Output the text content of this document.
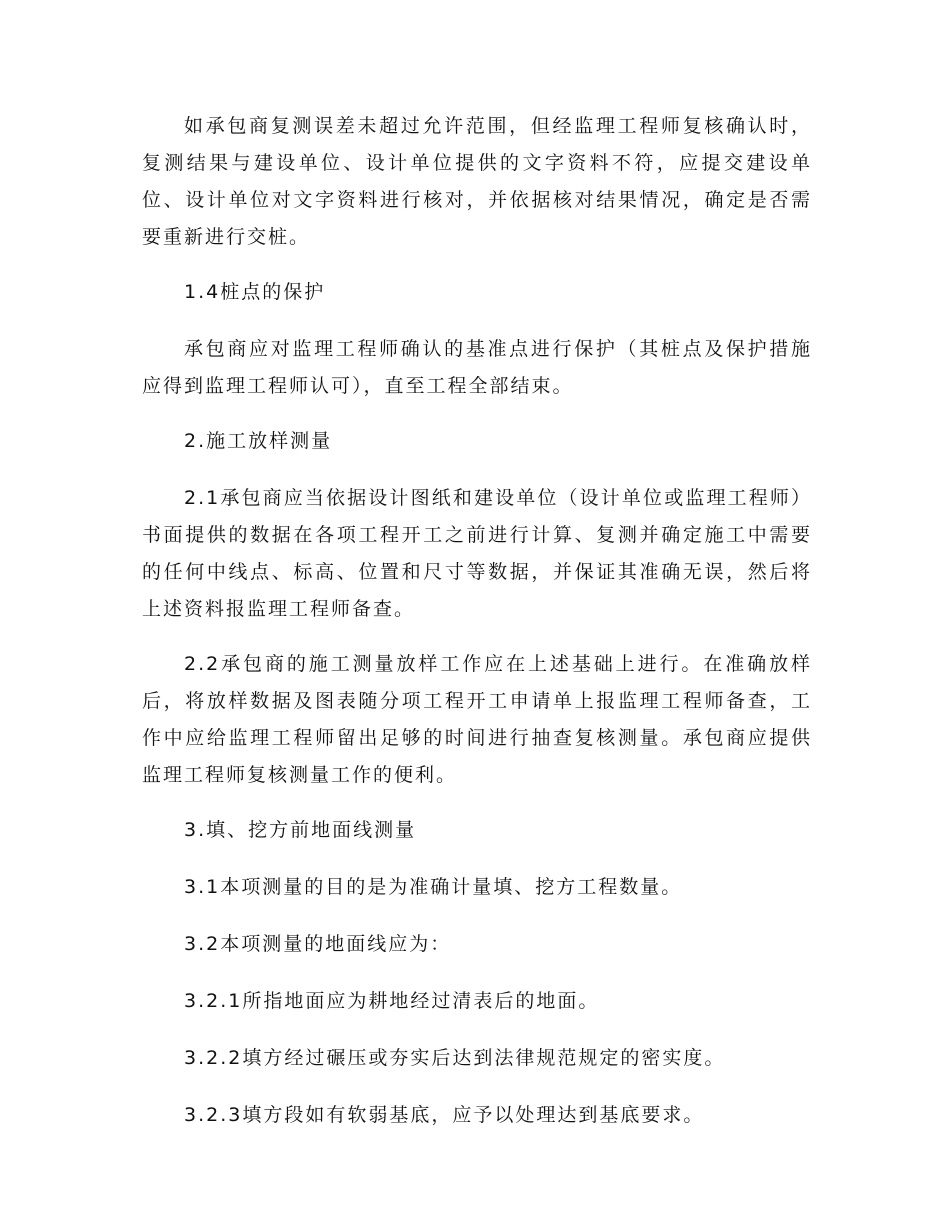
如承包商复测误差未超过允许范围，但经监理工程师复核确认时，复测结果与建设单位、设计单位提供的文字资料不符，应提交建设单位、设计单位对文字资料进行核对，并依据核对结果情况，确定是否需要重新进行交桩。

1.4桩点的保护

承包商应对监理工程师确认的基准点进行保护（其桩点及保护措施应得到监理工程师认可），直至工程全部结束。

2.施工放样测量

2.1承包商应当依据设计图纸和建设单位（设计单位或监理工程师）书面提供的数据在各项工程开工之前进行计算、复测并确定施工中需要的任何中线点、标高、位置和尺寸等数据，并保证其准确无误，然后将上述资料报监理工程师备查。

2.2承包商的施工测量放样工作应在上述基础上进行。在准确放样后，将放样数据及图表随分项工程开工申请单上报监理工程师备查，工作中应给监理工程师留出足够的时间进行抽查复核测量。承包商应提供监理工程师复核测量工作的便利。

3.填、挖方前地面线测量

3.1本项测量的目的是为准确计量填、挖方工程数量。

3.2本项测量的地面线应为：

3.2.1所指地面应为耕地经过清表后的地面。

3.2.2填方经过碾压或夯实后达到法律规范规定的密实度。

3.2.3填方段如有软弱基底，应予以处理达到基底要求。
